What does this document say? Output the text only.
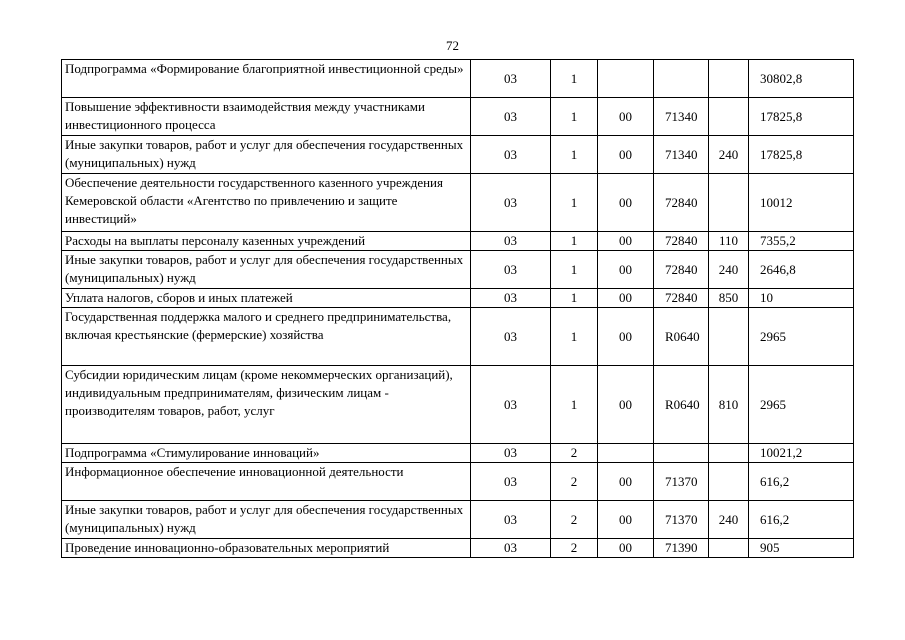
72
Подпрограмма «Формирование благоприятной инвестиционной среды»	03	1				30802,8
Повышение эффективности взаимодействия между участниками инвестиционного процесса	03	1	00	71340		17825,8
Иные закупки товаров, работ и услуг для обеспечения государственных (муниципальных) нужд	03	1	00	71340	240	17825,8
Обеспечение деятельности государственного казенного учреждения Кемеровской области «Агентство по привлечению и защите инвестиций»	03	1	00	72840		10012
Расходы на выплаты персоналу казенных учреждений	03	1	00	72840	110	7355,2
Иные закупки товаров, работ и услуг для обеспечения государственных (муниципальных) нужд	03	1	00	72840	240	2646,8
Уплата налогов, сборов и иных платежей	03	1	00	72840	850	10
Государственная поддержка малого и среднего предпринимательства, включая крестьянские (фермерские) хозяйства	03	1	00	R0640		2965
Субсидии юридическим лицам (кроме некоммерческих организаций), индивидуальным предпринимателям, физическим лицам - производителям товаров, работ, услуг	03	1	00	R0640	810	2965
Подпрограмма «Стимулирование инноваций»	03	2				10021,2
Информационное обеспечение инновационной деятельности	03	2	00	71370		616,2
Иные закупки товаров, работ и услуг для обеспечения государственных (муниципальных) нужд	03	2	00	71370	240	616,2
Проведение инновационно-образовательных мероприятий	03	2	00	71390		905
